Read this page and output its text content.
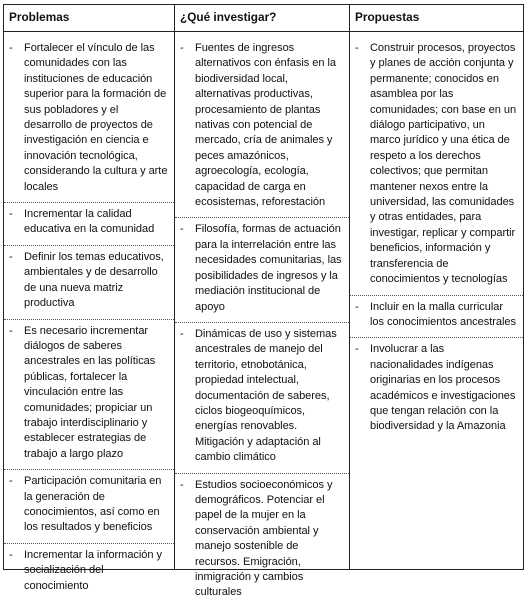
Problemas	¿Qué investigar?	Propuestas
- Fortalecer el vínculo de las comunidades con las instituciones de educación superior para la formación de sus pobladores y el desarrollo de proyectos de investigación en ciencia e innovación tecnológica, considerando la cultura y arte locales
- Incrementar la calidad educativa en la comunidad
- Definir los temas educativos, ambientales y de desarrollo de una nueva matriz productiva
- Es necesario incrementar diálogos de saberes ancestrales en las políticas públicas, fortalecer la vinculación entre las comunidades; propiciar un trabajo interdisciplinario y establecer estrategias de trabajo a largo plazo
- Participación comunitaria en la generación de conocimientos, así como en los resultados y beneficios
- Incrementar la información y socialización del conocimiento
- Fuentes de ingresos alternativos con énfasis en la biodiversidad local, alternativas productivas, procesamiento de plantas nativas con potencial de mercado, cría de animales y peces amazónicos, agroecología, ecología, capacidad de carga en ecosistemas, reforestación
- Filosofía, formas de actuación para la interrelación entre las necesidades comunitarias, las posibilidades de ingresos y la mediación institucional de apoyo
- Dinámicas de uso y sistemas ancestrales de manejo del territorio, etnobotánica, propiedad intelectual, documentación de saberes, ciclos biogeoquímicos, energías renovables. Mitigación y adaptación al cambio climático
- Estudios socioeconómicos y demográficos. Potenciar el papel de la mujer en la conservación ambiental y manejo sostenible de recursos. Emigración, inmigración y cambios culturales
- Construir procesos, proyectos y planes de acción conjunta y permanente; conocidos en asamblea por las comunidades; con base en un diálogo participativo, un marco jurídico y una ética de respeto a los derechos colectivos; que permitan mantener nexos entre la universidad, las comunidades y otras entidades, para investigar, replicar y compartir beneficios, información y transferencia de conocimientos y tecnologías
- Incluir en la malla curricular los conocimientos ancestrales
- Involucrar a las nacionalidades indígenas originarias en los procesos académicos e investigaciones que tengan relación con la biodiversidad y la Amazonia
